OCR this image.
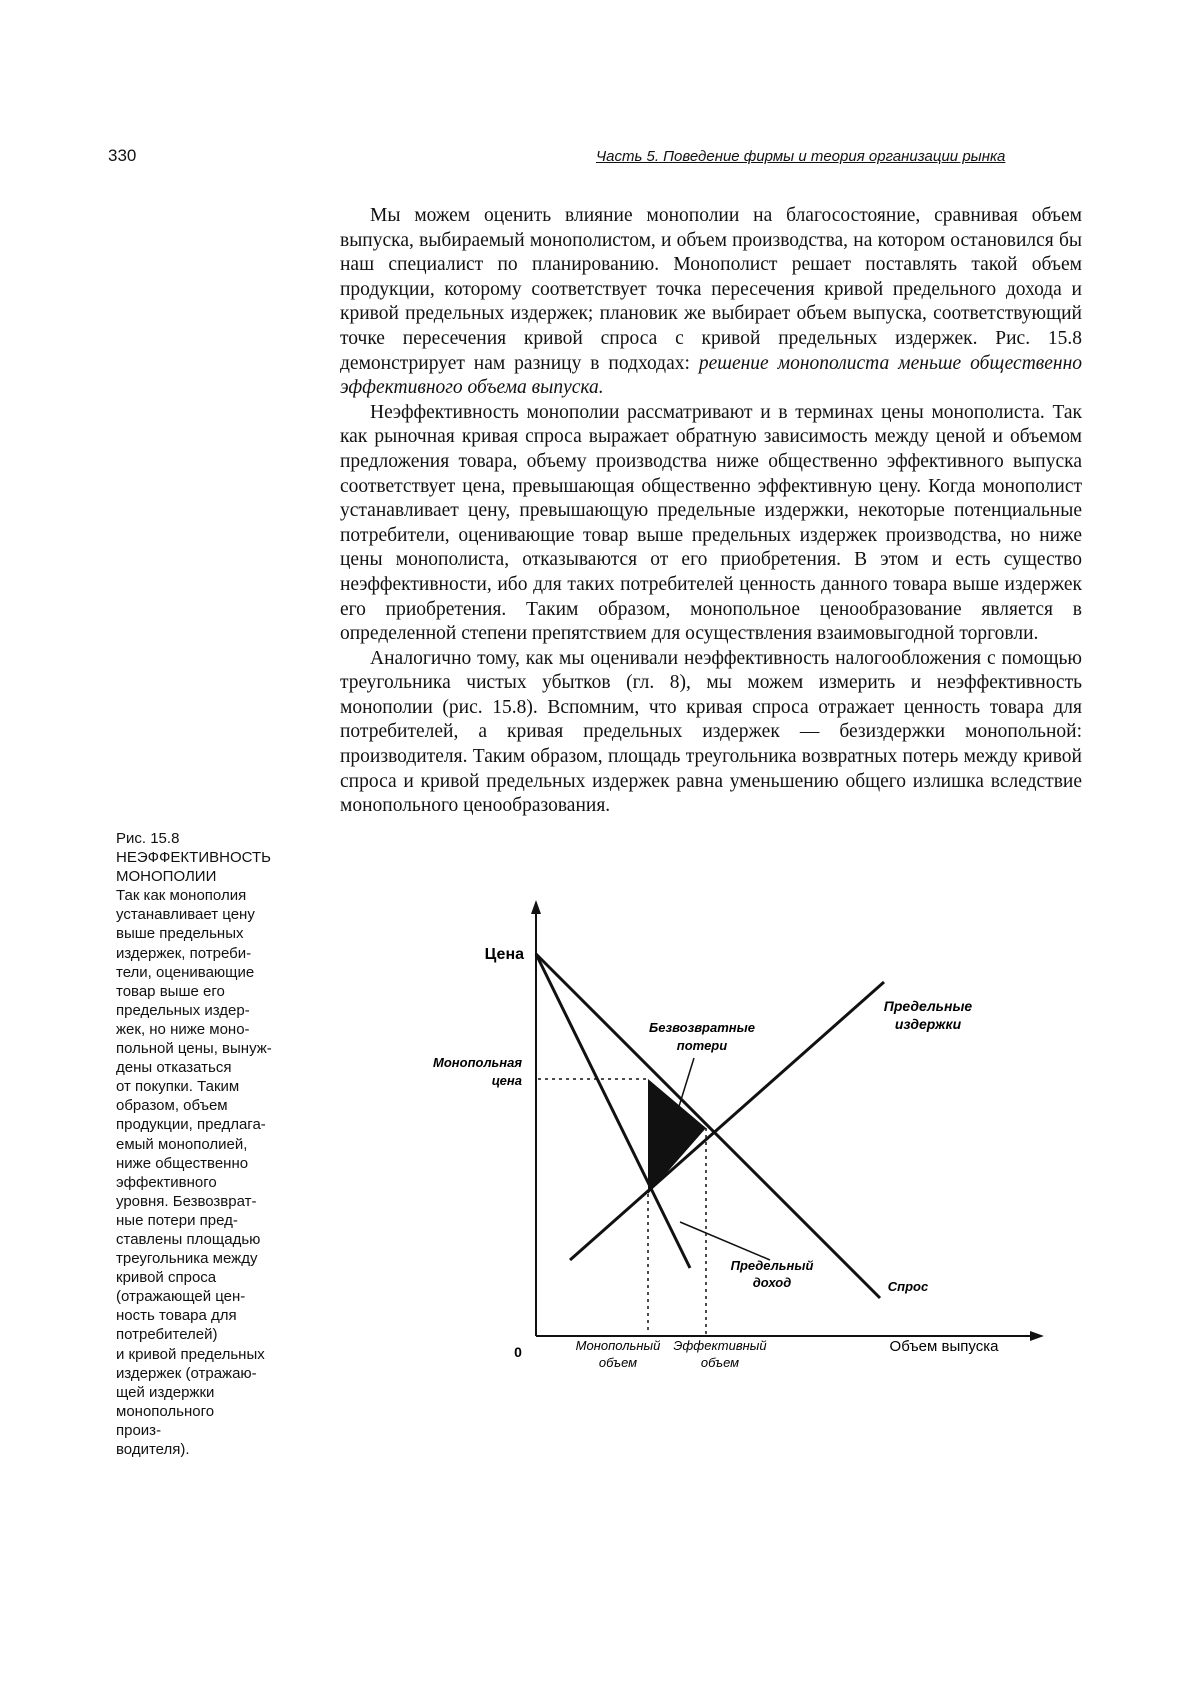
330	Часть 5. Поведение фирмы и теория организации рынка

Мы можем оценить влияние монополии на благосостояние, сравнивая объем выпуска, выбираемый монополистом, и объем производства, на котором остановился бы наш специалист по планированию. Монополист решает поставлять такой объем продукции, которому соответствует точка пересечения кривой предельного дохода и кривой предельных издержек; плановик же выбирает объем выпуска, соответствующий точке пересечения кривой спроса с кривой предельных издержек. Рис. 15.8 демонстрирует нам разницу в подходах: решение монополиста меньше общественно эффективного объема выпуска.

Неэффективность монополии рассматривают и в терминах цены монополиста. Так как рыночная кривая спроса выражает обратную зависимость между ценой и объемом предложения товара, объему производства ниже общественно эффективного выпуска соответствует цена, превышающая общественно эффективную цену. Когда монополист устанавливает цену, превышающую предельные издержки, некоторые потенциальные потребители, оценивающие товар выше предельных издержек производства, но ниже цены монополиста, отказываются от его приобретения. В этом и есть существо неэффективности, ибо для таких потребителей ценность данного товара выше издержек его приобретения. Таким образом, монопольное ценообразование является в определенной степени препятствием для осуществления взаимовыгодной торговли.

Аналогично тому, как мы оценивали неэффективность налогообложения с помощью треугольника чистых убытков (гл. 8), мы можем измерить и неэффективность монополии (рис. 15.8). Вспомним, что кривая спроса отражает ценность товара для потребителей, а кривая предельных издержек — безиздержки монопольной: производителя. Таким образом, площадь треугольника возвратных потерь между кривой спроса и кривой предельных издержек равна уменьшению общего излишка вследствие монопольного ценообразования.

Рис. 15.8
НЕЭФФЕКТИВНОСТЬ МОНОПОЛИИ
Так как монополия
устанавливает цену
выше предельных
издержек, потреби-
тели, оценивающие
товар выше его
предельных издер-
жек, но ниже моно-
польной цены, вынуж-
дены отказаться
от покупки. Таким
образом, объем
продукции, предлага-
емый монополией,
ниже общественно
эффективного
уровня. Безвозврат-
ные потери пред-
ставлены площадью
треугольника между
кривой спроса
(отражающей цен-
ность товара для
потребителей)
и кривой предельных
издержек (отражаю-
щей издержки
монопольного
произ-
водителя).
Цена
Монопольная
цена
Безвозвратные
потери
Предельные
издержки
Предельный
доход	Спрос
0	Монопольный
объем
Эффективный
объем
Объем выпуска
